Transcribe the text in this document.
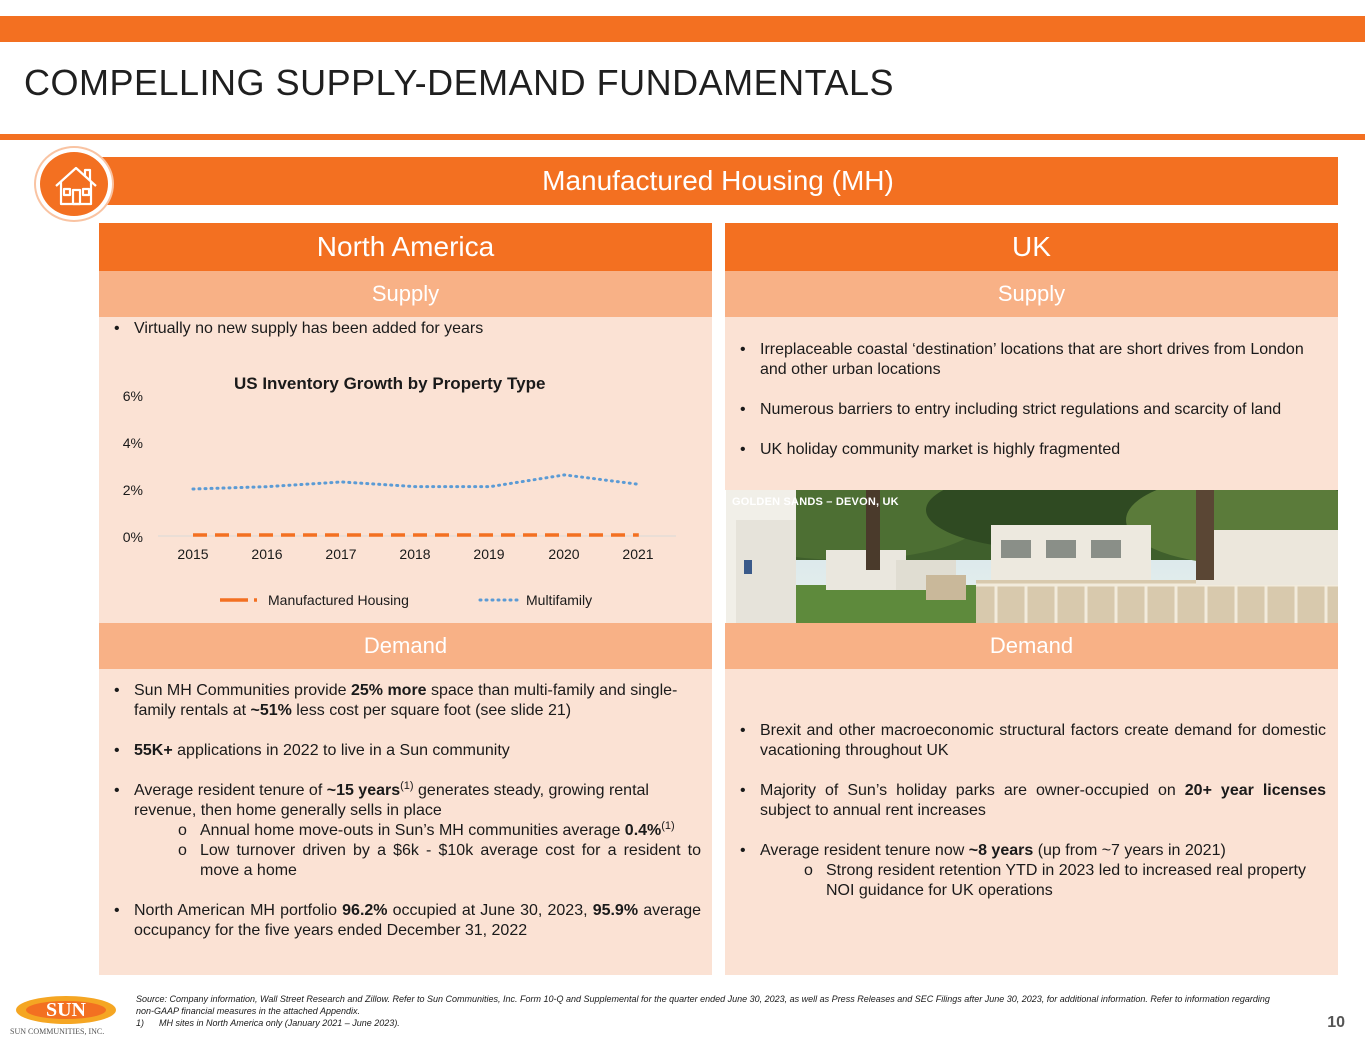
COMPELLING SUPPLY-DEMAND FUNDAMENTALS
Manufactured Housing (MH)
North America
Supply
• Virtually no new supply has been added for years
US Inventory Growth by Property Type
6%
4%
2%
0%
2015	2016	2017	2018	2019	2020	2021
Manufactured Housing	Multifamily
Demand
• Sun MH Communities provide 25% more space than multi-family and single-family rentals at ~51% less cost per square foot (see slide 21)
• 55K+ applications in 2022 to live in a Sun community
• Average resident tenure of ~15 years$^{(1)}$ generates steady, growing rental revenue, then home generally sells in place
o Annual home move-outs in Sun’s MH communities average 0.4%$^{(1)}$
o Low turnover driven by a $6k - $10k average cost for a resident to move a home
• North American MH portfolio 96.2% occupied at June 30, 2023, 95.9% average occupancy for the five years ended December 31, 2022
UK
Supply
• Irreplaceable coastal ‘destination’ locations that are short drives from London and other urban locations
• Numerous barriers to entry including strict regulations and scarcity of land
• UK holiday community market is highly fragmented
GOLDEN SANDS – DEVON, UK
Demand
• Brexit and other macroeconomic structural factors create demand for domestic vacationing throughout UK
• Majority of Sun’s holiday parks are owner-occupied on 20+ year licenses subject to annual rent increases
• Average resident tenure now ~8 years (up from ~7 years in 2021)
o Strong resident retention YTD in 2023 led to increased real property NOI guidance for UK operations
SUN
SUN COMMUNITIES, INC.
Source: Company information, Wall Street Research and Zillow. Refer to Sun Communities, Inc. Form 10-Q and Supplemental for the quarter ended June 30, 2023, as well as Press Releases and SEC Filings after June 30, 2023, for additional information. Refer to information regarding non-GAAP financial measures in the attached Appendix.
1) MH sites in North America only (January 2021 – June 2023).	10
